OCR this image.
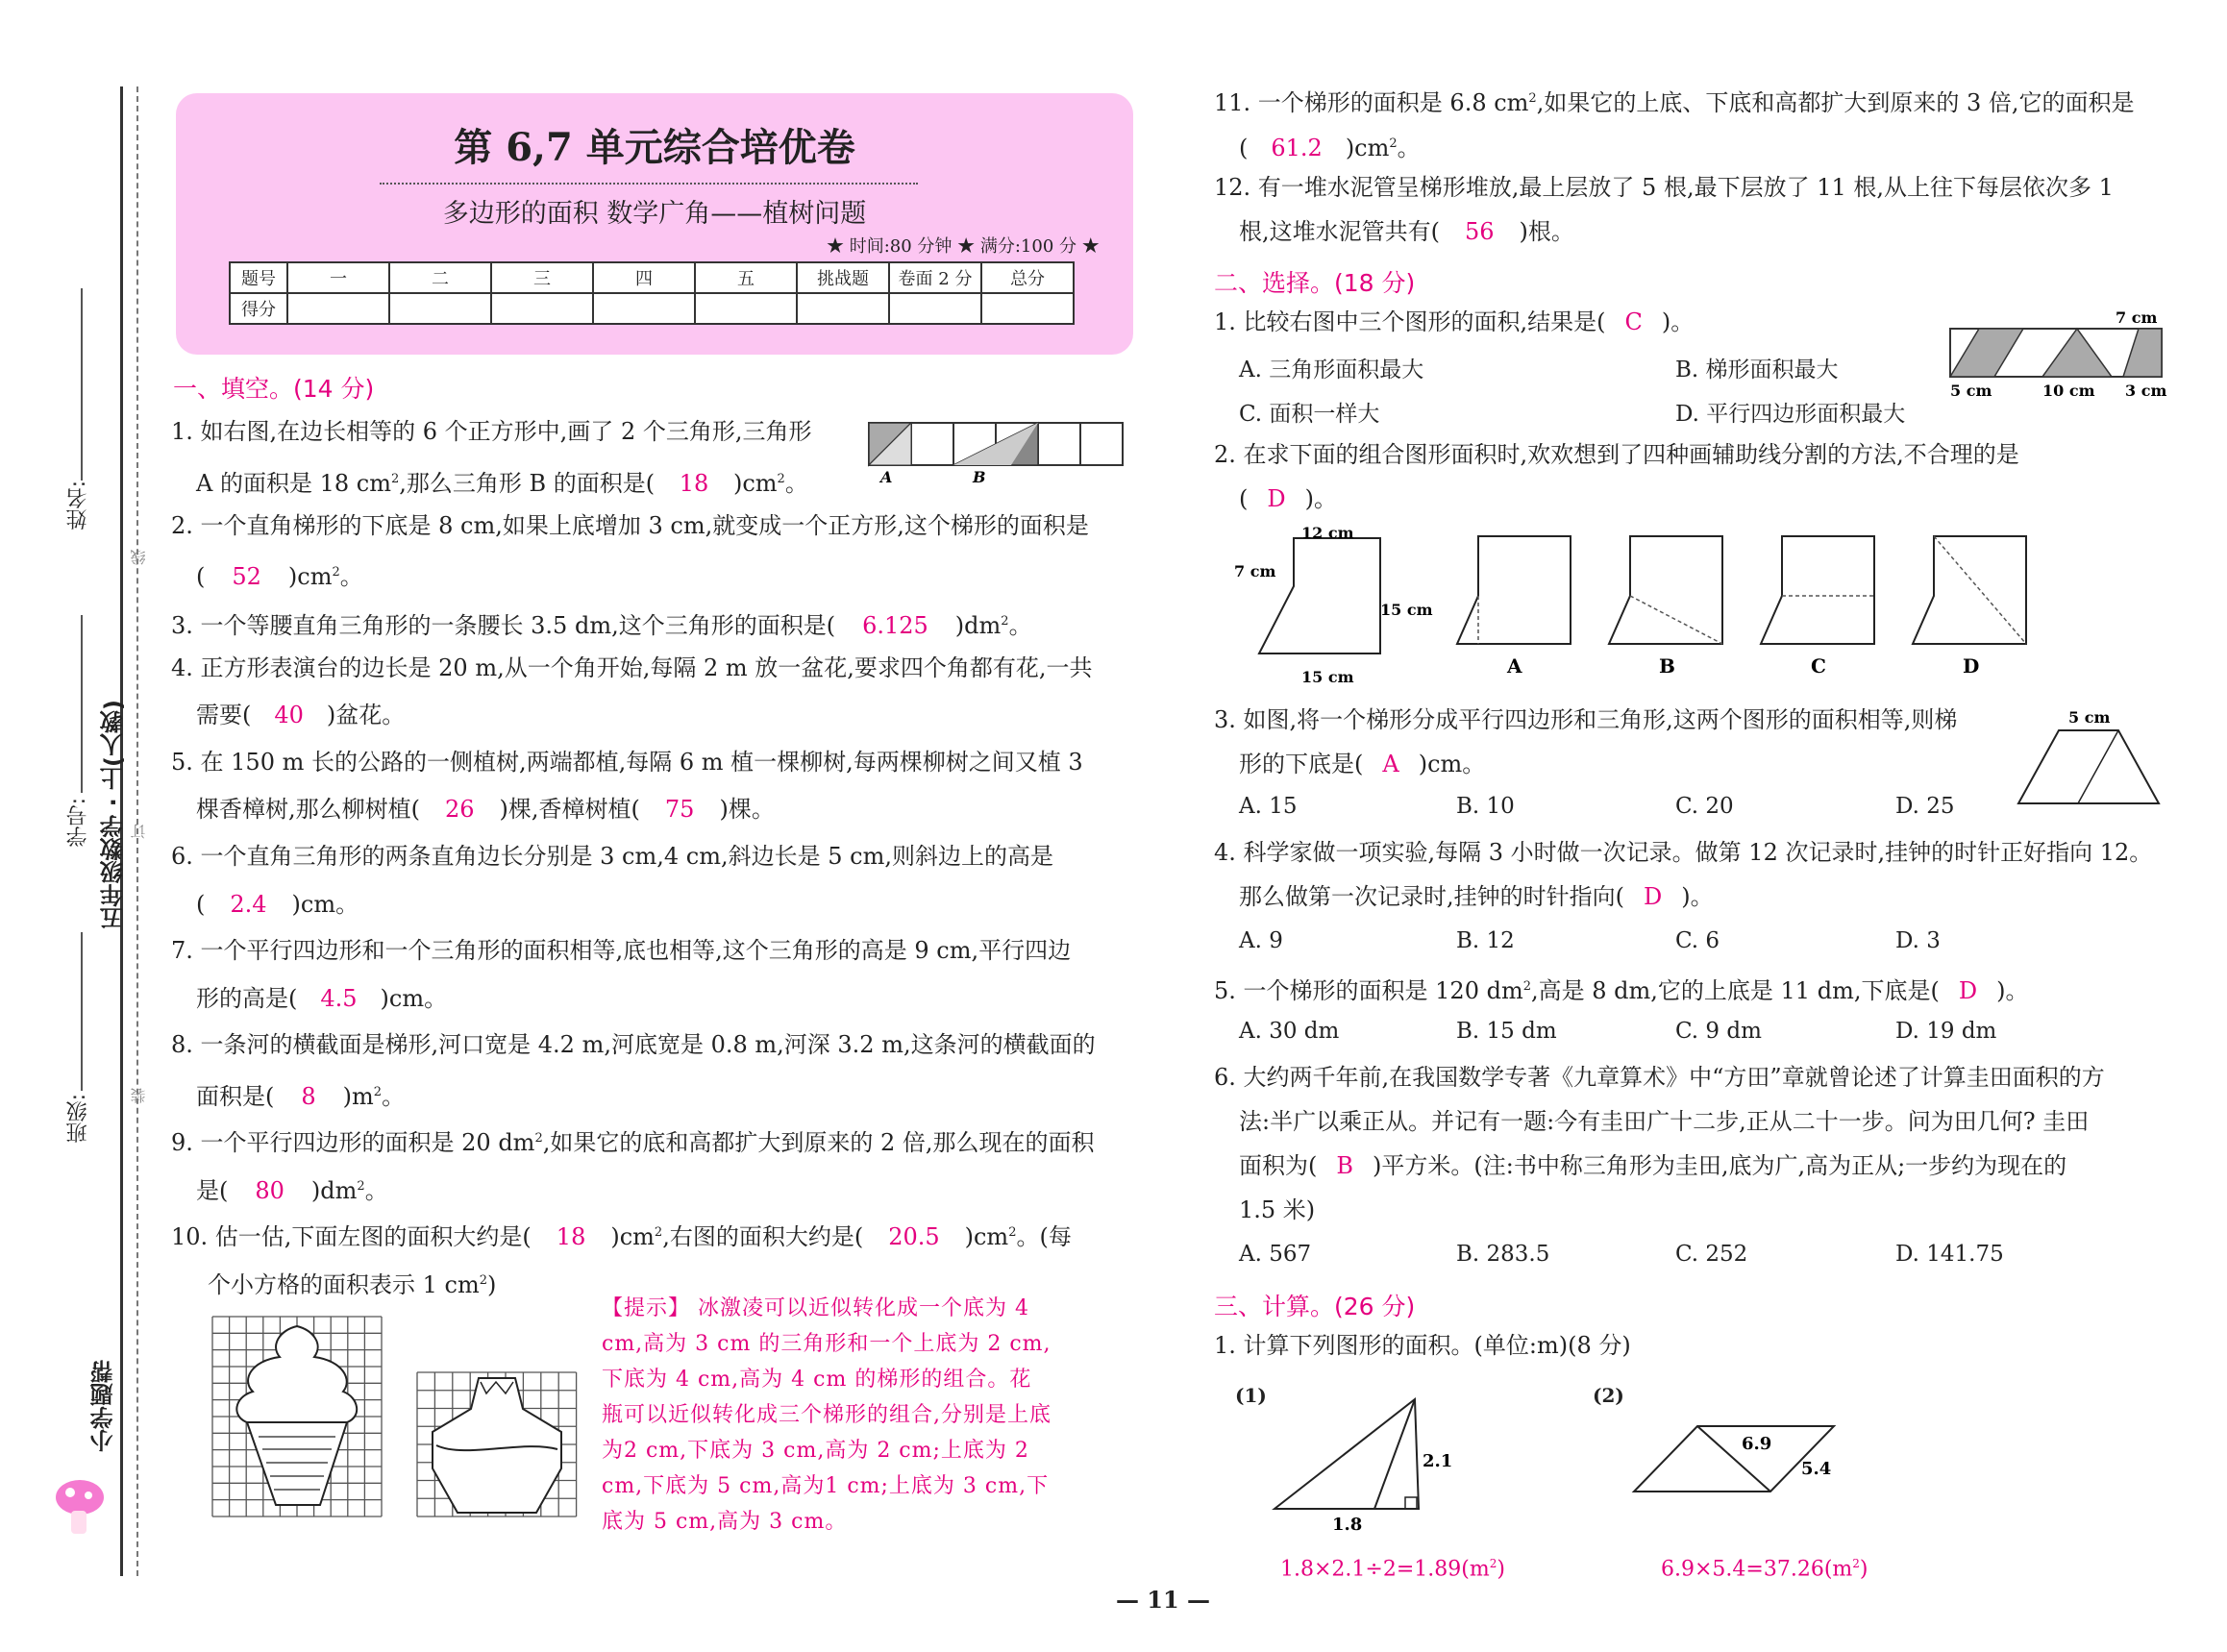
姓名:
学号: 五年级数学 · 上(人教)
班级:
线
订
装
小学题帮
第 6,7 单元综合培优卷
多边形的面积 数学广角——植树问题
★ 时间:80 分钟 ★ 满分:100 分 ★
题号	一	二	三	四	五	挑战题	卷面 2 分	总分
得分								
一、填空。(14 分)
1. 如右图,在边长相等的 6 个正方形中,画了 2 个三角形,三角形
A 的面积是 18 $cm^2$,那么三角形 B 的面积是( 18 )$cm^2$。	A	B
2. 一个直角梯形的下底是 8 cm,如果上底增加 3 cm,就变成一个正方形,这个梯形的面积是
( 52 )$cm^2$。
3. 一个等腰直角三角形的一条腰长 3.5 dm,这个三角形的面积是( 6.125 )$dm^2$。
4. 正方形表演台的边长是 20 m,从一个角开始,每隔 2 m 放一盆花,要求四个角都有花,一共
需要( 40 )盆花。
5. 在 150 m 长的公路的一侧植树,两端都植,每隔 6 m 植一棵柳树,每两棵柳树之间又植 3
棵香樟树,那么柳树植( 26 )棵,香樟树植( 75 )棵。
6. 一个直角三角形的两条直角边长分别是 3 cm,4 cm,斜边长是 5 cm,则斜边上的高是
( 2.4 )cm。
7. 一个平行四边形和一个三角形的面积相等,底也相等,这个三角形的高是 9 cm,平行四边
形的高是( 4.5 )cm。
8. 一条河的横截面是梯形,河口宽是 4.2 m,河底宽是 0.8 m,河深 3.2 m,这条河的横截面的
面积是( 8 )$m^2$。
9. 一个平行四边形的面积是 20 $dm^2$,如果它的底和高都扩大到原来的 2 倍,那么现在的面积
是( 80 )$dm^2$。
10. 估一估,下面左图的面积大约是( 18 )$cm^2$,右图的面积大约是( 20.5 )$cm^2$。(每
个小方格的面积表示 1 $cm^2$)
【提示】 冰激凌可以近似转化成一个底为 4 cm,高为 3 cm 的三角形和一个上底为 2 cm,下底为 4 cm,高为 4 cm 的梯形的组合。花瓶可以近似转化成三个梯形的组合,分别是上底为2 cm,下底为 3 cm,高为 2 cm;上底为 2 cm,下底为 5 cm,高为1 cm;上底为 3 cm,下底为 5 cm,高为 3 cm。
11. 一个梯形的面积是 6.8 $cm^2$,如果它的上底、下底和高都扩大到原来的 3 倍,它的面积是
( 61.2 )$cm^2$。
12. 有一堆水泥管呈梯形堆放,最上层放了 5 根,最下层放了 11 根,从上往下每层依次多 1
根,这堆水泥管共有( 56 )根。
二、选择。(18 分)
1. 比较右图中三个图形的面积,结果是( C )。
A. 三角形面积最大	B. 梯形面积最大
C. 面积一样大	D. 平行四边形面积最大
7 cm
5 cm	10 cm 3 cm
2. 在求下面的组合图形面积时,欢欢想到了四种画辅助线分割的方法,不合理的是
( D )。
12 cm
7 cm
15 cm
15 cm	A	B	C	D
3. 如图,将一个梯形分成平行四边形和三角形,这两个图形的面积相等,则梯
形的下底是( A )cm。
A. 15	B. 10	C. 20	D. 25
5 cm
4. 科学家做一项实验,每隔 3 小时做一次记录。做第 12 次记录时,挂钟的时针正好指向 12。
那么做第一次记录时,挂钟的时针指向( D )。
A. 9	B. 12	C. 6	D. 3
5. 一个梯形的面积是 120 $dm^2$,高是 8 dm,它的上底是 11 dm,下底是( D )。
A. 30 dm	B. 15 dm	C. 9 dm	D. 19 dm
6. 大约两千年前,在我国数学专著《九章算术》中“方田”章就曾论述了计算圭田面积的方
法:半广以乘正从。并记有一题:今有圭田广十二步,正从二十一步。问为田几何? 圭田
面积为( B )平方米。(注:书中称三角形为圭田,底为广,高为正从;一步约为现在的
1.5 米)
A. 567	B. 283.5	C. 252	D. 141.75
三、计算。(26 分)
1. 计算下列图形的面积。(单位:m)(8 分)
(1)
2.1
1.8
$1.8\times 2.1\div 2=1.89(m^2)$
(2)
6.9
5.4
$6.9\times 5.4=37.26(m^2)$
— 11 —
